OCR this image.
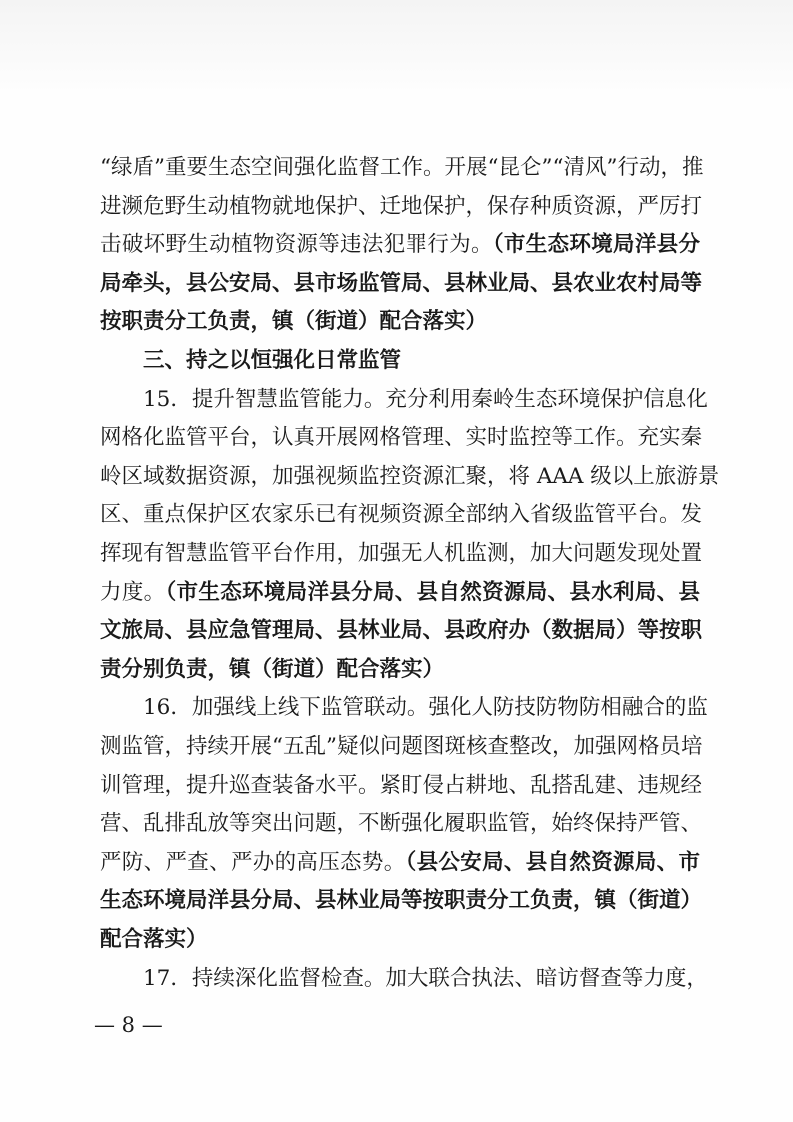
“绿盾”重要生态空间强化监督工作。开展“昆仑”“清风”行动，推
进濒危野生动植物就地保护、迁地保护，保存种质资源，严厉打
击破坏野生动植物资源等违法犯罪行为。（市生态环境局洋县分
局牵头，县公安局、县市场监管局、县林业局、县农业农村局等
按职责分工负责，镇（街道）配合落实）
三、持之以恒强化日常监管
15．提升智慧监管能力。充分利用秦岭生态环境保护信息化
网格化监管平台，认真开展网格管理、实时监控等工作。充实秦
岭区域数据资源，加强视频监控资源汇聚，将 AAA 级以上旅游景
区、重点保护区农家乐已有视频资源全部纳入省级监管平台。发
挥现有智慧监管平台作用，加强无人机监测，加大问题发现处置
力度。（市生态环境局洋县分局、县自然资源局、县水利局、县
文旅局、县应急管理局、县林业局、县政府办（数据局）等按职
责分别负责，镇（街道）配合落实）
16．加强线上线下监管联动。强化人防技防物防相融合的监
测监管，持续开展“五乱”疑似问题图斑核查整改，加强网格员培
训管理，提升巡查装备水平。紧盯侵占耕地、乱搭乱建、违规经
营、乱排乱放等突出问题，不断强化履职监管，始终保持严管、
严防、严查、严办的高压态势。（县公安局、县自然资源局、市
生态环境局洋县分局、县林业局等按职责分工负责，镇（街道）
配合落实）
17．持续深化监督检查。加大联合执法、暗访督查等力度，
— 8 —
